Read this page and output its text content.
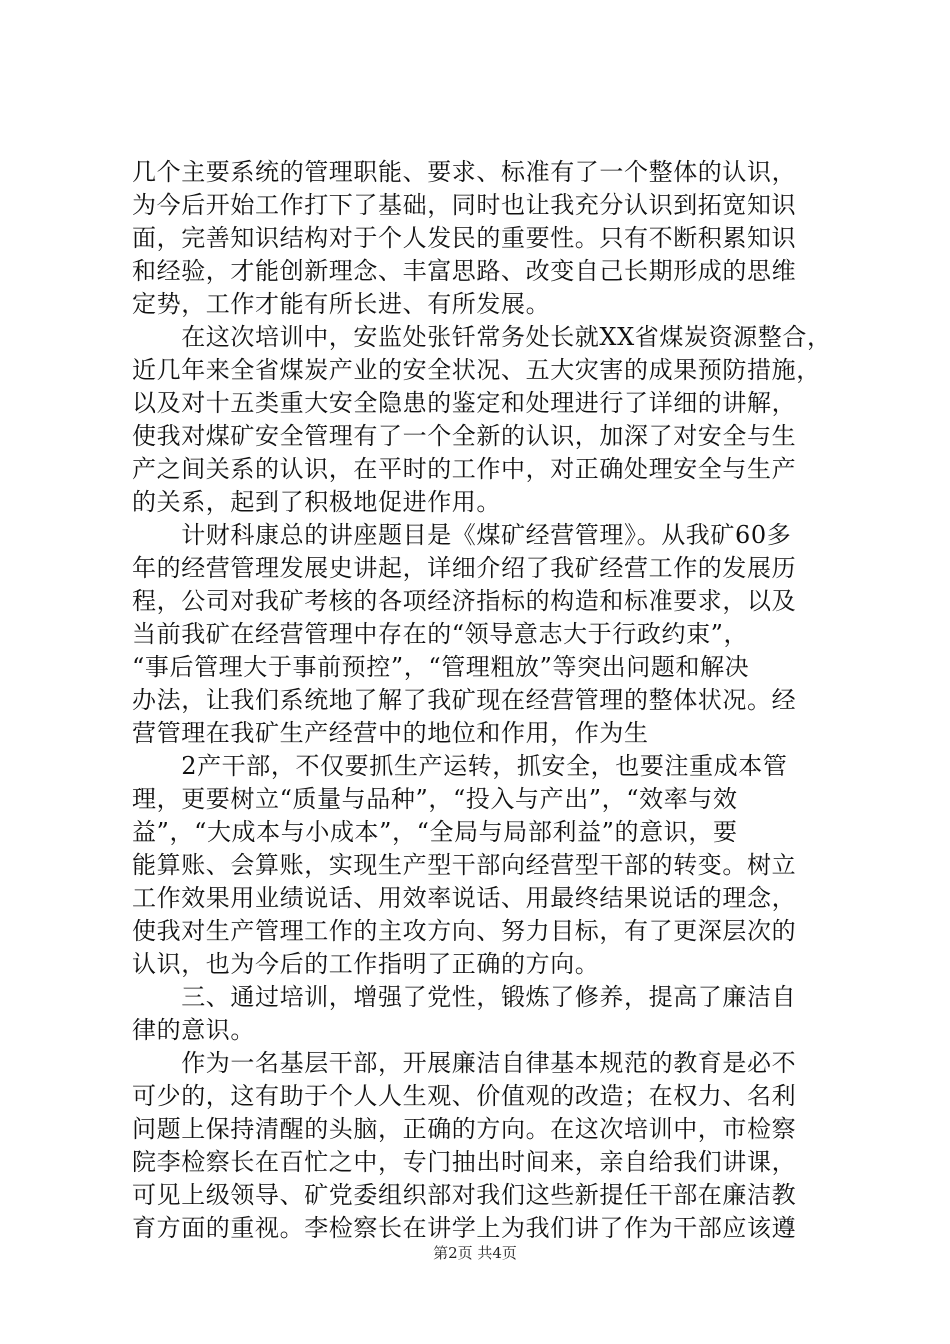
几个主要系统的管理职能、要求、标准有了一个整体的认识，
为今后开始工作打下了基础，同时也让我充分认识到拓宽知识
面，完善知识结构对于个人发民的重要性。只有不断积累知识
和经验，才能创新理念、丰富思路、改变自己长期形成的思维
定势，工作才能有所长进、有所发展。
　　在这次培训中，安监处张钎常务处长就XX省煤炭资源整合，
近几年来全省煤炭产业的安全状况、五大灾害的成果预防措施，
以及对十五类重大安全隐患的鉴定和处理进行了详细的讲解，
使我对煤矿安全管理有了一个全新的认识，加深了对安全与生
产之间关系的认识，在平时的工作中，对正确处理安全与生产
的关系，起到了积极地促进作用。
　　计财科康总的讲座题目是《煤矿经营管理》。从我矿60多
年的经营管理发展史讲起，详细介绍了我矿经营工作的发展历
程，公司对我矿考核的各项经济指标的构造和标准要求，以及
当前我矿在经营管理中存在的“领导意志大于行政约束”，
“事后管理大于事前预控”，“管理粗放”等突出问题和解决
办法，让我们系统地了解了我矿现在经营管理的整体状况。经
营管理在我矿生产经营中的地位和作用，作为生
　　2产干部，不仅要抓生产运转，抓安全，也要注重成本管
理，更要树立“质量与品种”，“投入与产出”，“效率与效
益”，“大成本与小成本”，“全局与局部利益”的意识，要
能算账、会算账，实现生产型干部向经营型干部的转变。树立
工作效果用业绩说话、用效率说话、用最终结果说话的理念，
使我对生产管理工作的主攻方向、努力目标，有了更深层次的
认识，也为今后的工作指明了正确的方向。
　　三、通过培训，增强了党性，锻炼了修养，提高了廉洁自
律的意识。
　　作为一名基层干部，开展廉洁自律基本规范的教育是必不
可少的，这有助于个人人生观、价值观的改造；在权力、名利
问题上保持清醒的头脑，正确的方向。在这次培训中，市检察
院李检察长在百忙之中，专门抽出时间来，亲自给我们讲课，
可见上级领导、矿党委组织部对我们这些新提任干部在廉洁教
育方面的重视。李检察长在讲学上为我们讲了作为干部应该遵
第2页 共4页
